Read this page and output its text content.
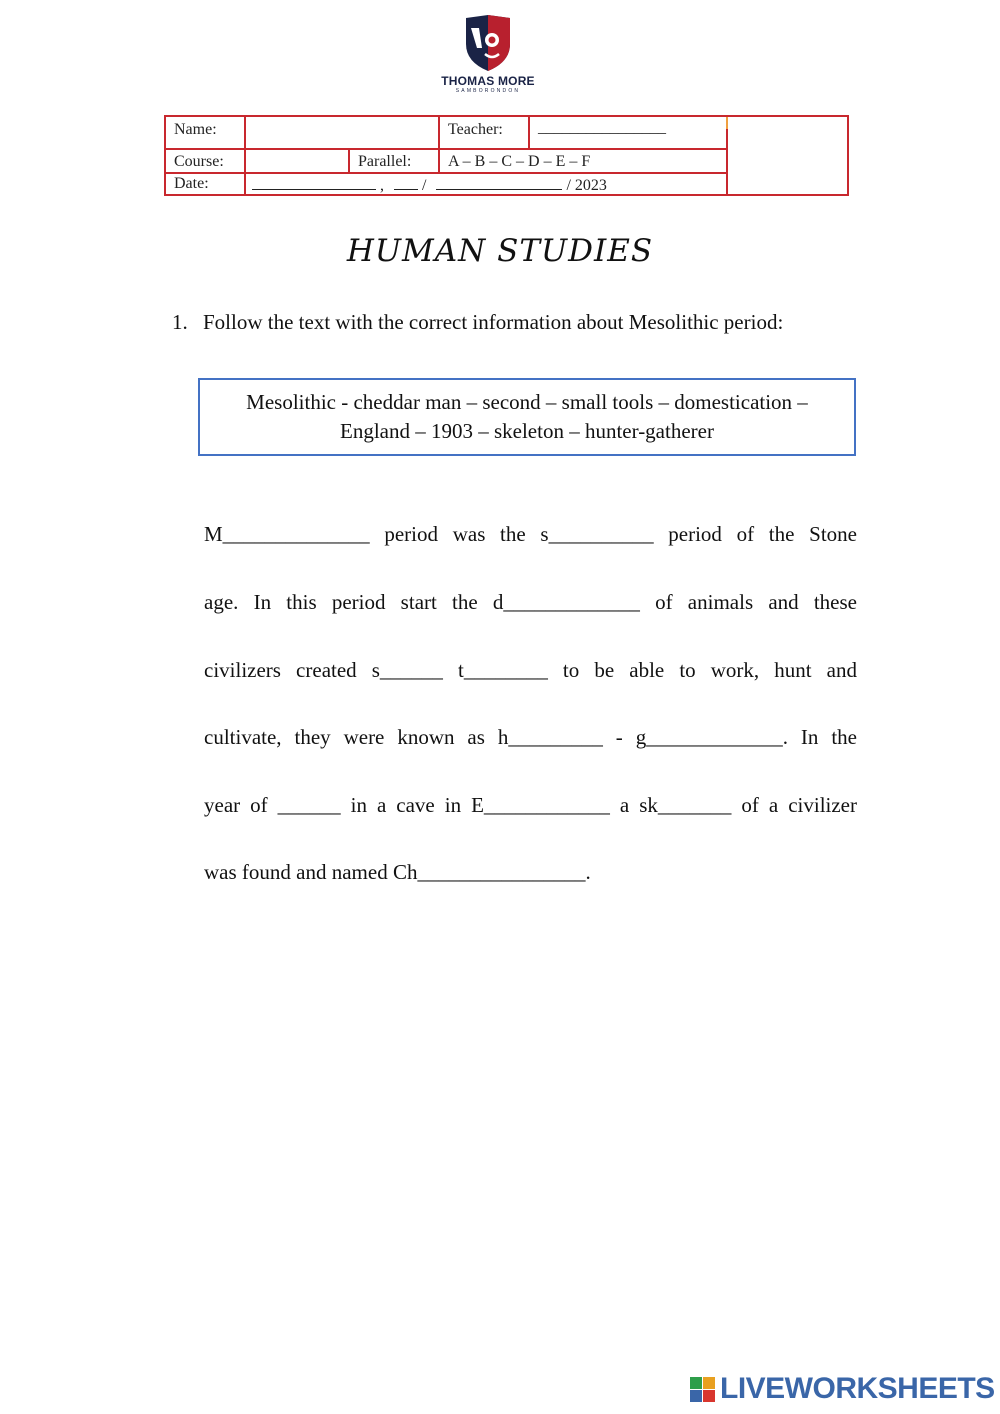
THOMAS MORE
SAMBORONDON
Name:	Teacher:	________________
Course:	Parallel:	A – B – C – D – E – F
Date:	, /	/ 2023
HUMAN STUDIES
1. Follow the text with the correct information about Mesolithic period:
Mesolithic - cheddar man – second – small tools – domestication –
England – 1903 – skeleton – hunter-gatherer
M______________ period was the s__________ period of the Stone
age. In this period start the d_____________ of animals and these
civilizers created s______ t________ to be able to work, hunt and
cultivate, they were known as h_________ - g_____________. In the
year of ______ in a cave in E____________ a sk_______ of a civilizer
was found and named Ch________________.
LIVEWORKSHEETS
